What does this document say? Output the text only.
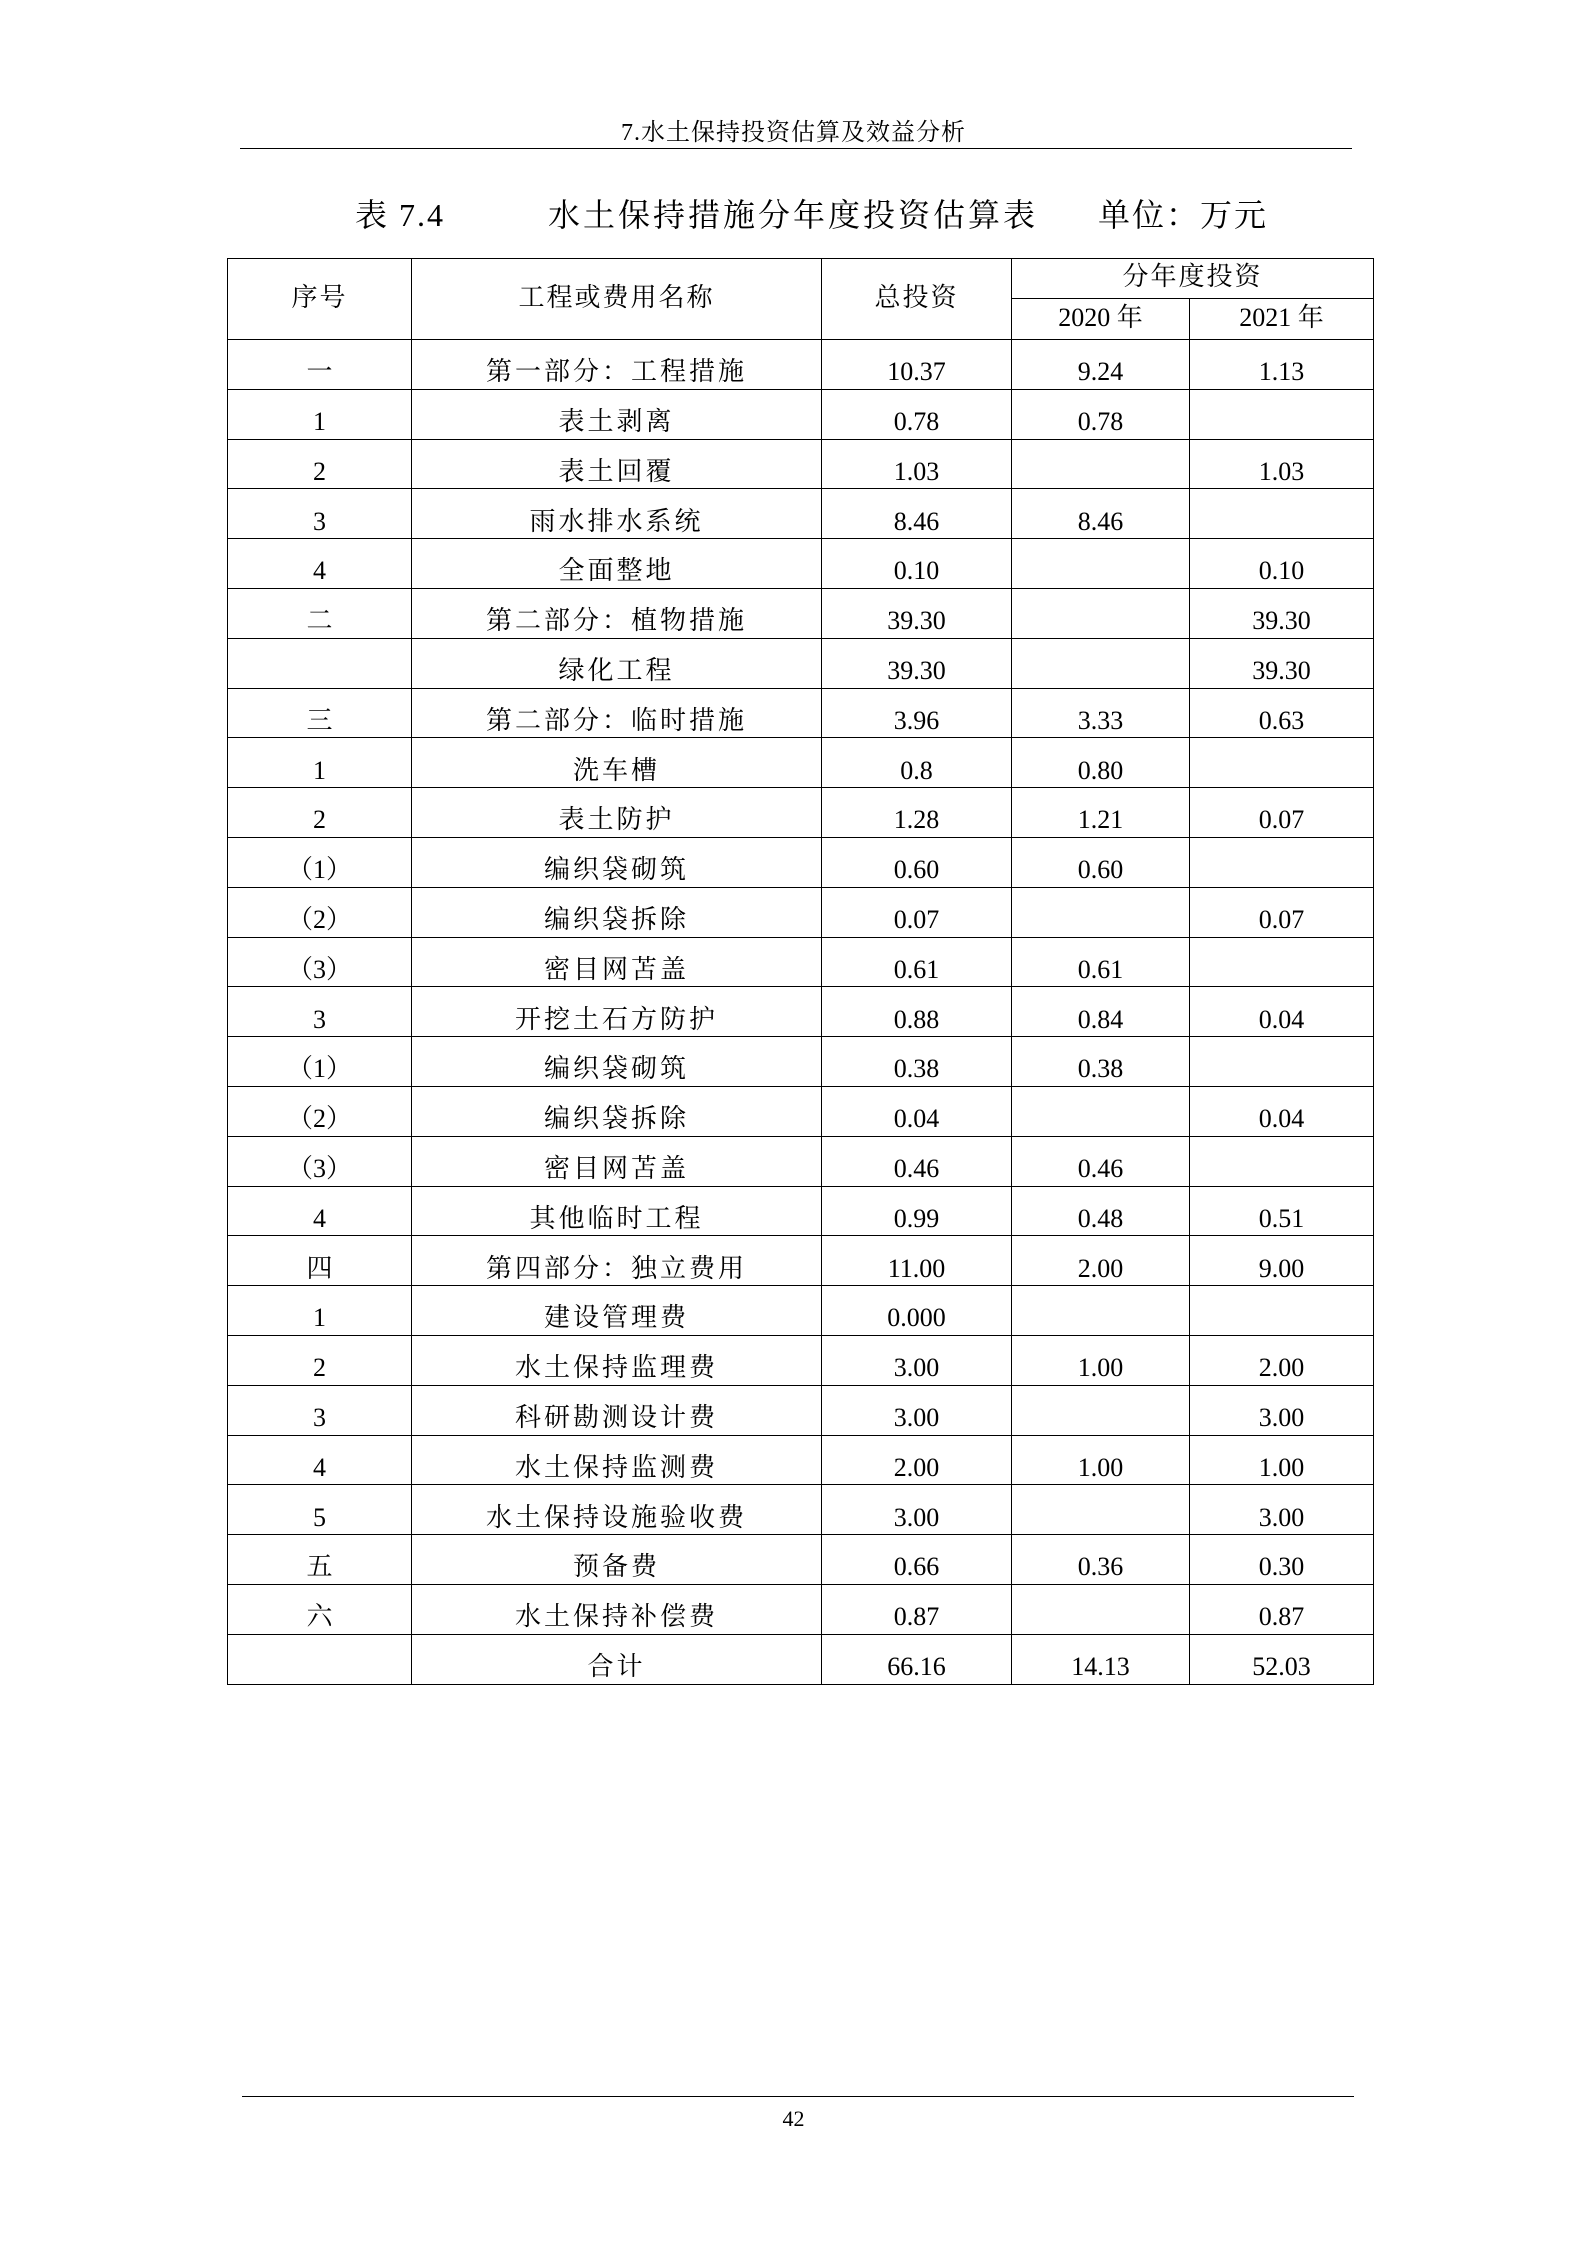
7.水土保持投资估算及效益分析
表 7.4	水土保持措施分年度投资估算表 单位：万元
序号	工程或费用名称	总投资	分年度投资	
			2020 年	2021 年
一	第一部分：工程措施	10.37	9.24	1.13
1	表土剥离	0.78	0.78	
2	表土回覆	1.03		1.03
3	雨水排水系统	8.46	8.46	
4	全面整地	0.10		0.10
二	第二部分：植物措施	39.30		39.30
	绿化工程	39.30		39.30
三	第二部分：临时措施	3.96	3.33	0.63
1	洗车槽	0.8	0.80	
2	表土防护	1.28	1.21	0.07
（1）	编织袋砌筑	0.60	0.60	
（2）	编织袋拆除	0.07		0.07
（3）	密目网苫盖	0.61	0.61	
3	开挖土石方防护	0.88	0.84	0.04
（1）	编织袋砌筑	0.38	0.38	
（2）	编织袋拆除	0.04		0.04
（3）	密目网苫盖	0.46	0.46	
4	其他临时工程	0.99	0.48	0.51
四	第四部分：独立费用	11.00	2.00	9.00
1	建设管理费	0.000		
2	水土保持监理费	3.00	1.00	2.00
3	科研勘测设计费	3.00		3.00
4	水土保持监测费	2.00	1.00	1.00
5	水土保持设施验收费	3.00		3.00
五	预备费	0.66	0.36	0.30
六	水土保持补偿费	0.87		0.87
	合计	66.16	14.13	52.03
42
